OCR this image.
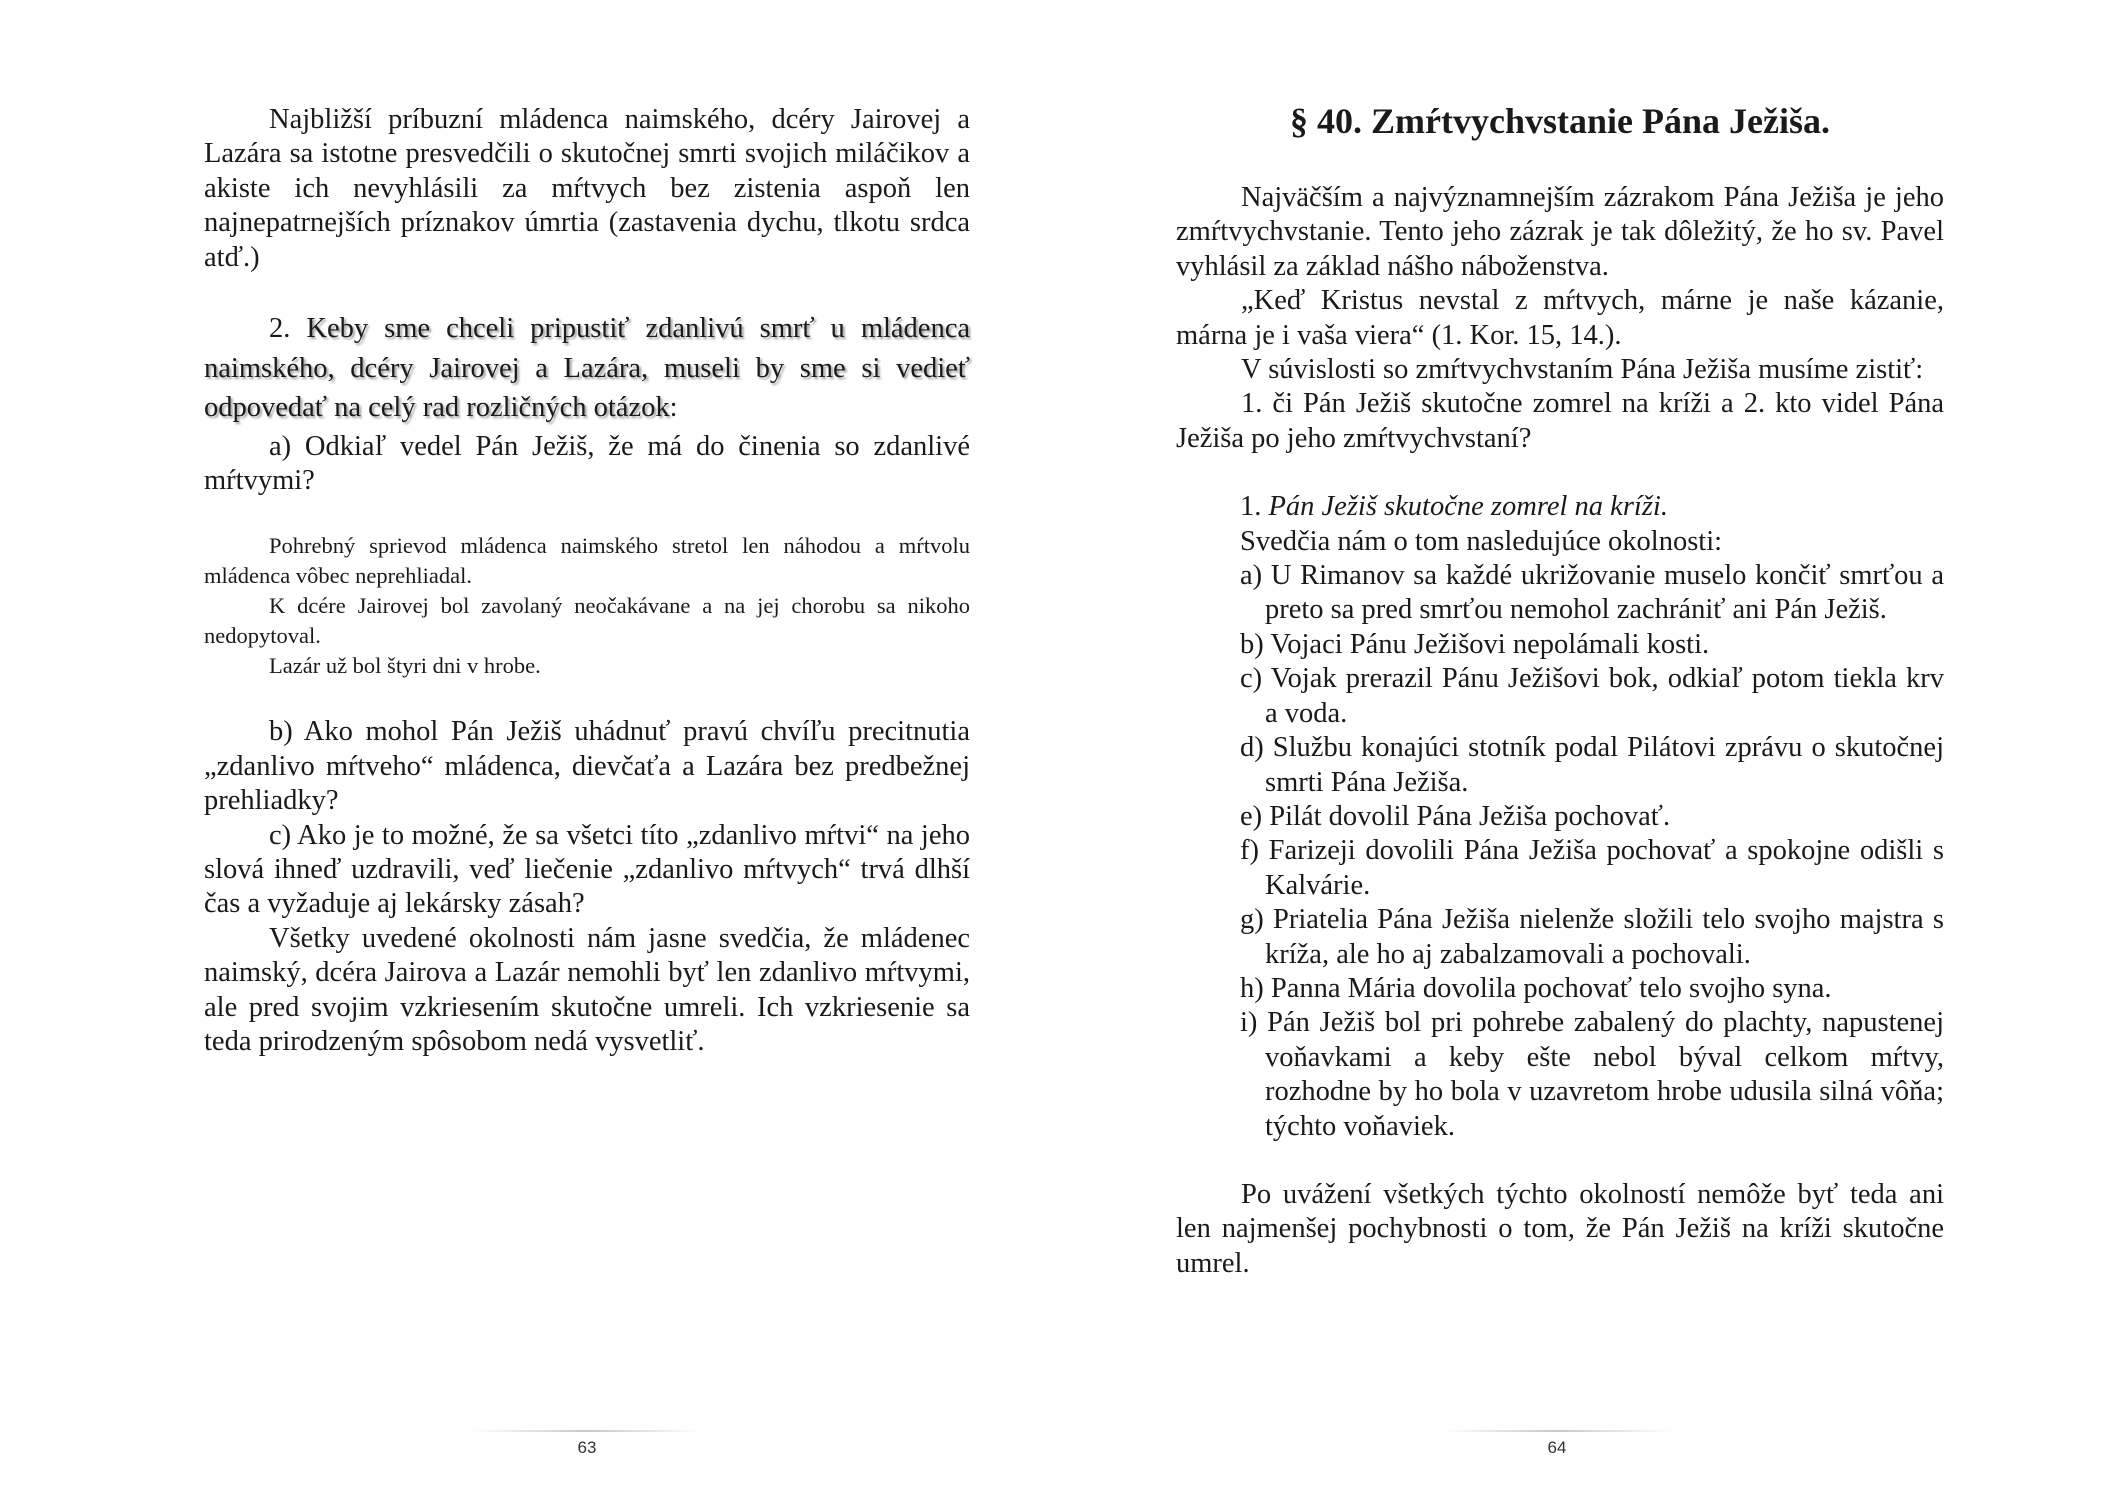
Najbližší príbuzní mládenca naimského, dcéry Jairovej a Lazára sa istotne presvedčili o skutočnej smrti svojich miláčikov a akiste ich nevyhlásili za mŕtvych bez zistenia aspoň len najnepatrnejších príznakov úmrtia (zastavenia dychu, tlkotu srdca atď.)

2. Keby sme chceli pripustiť zdanlivú smrť u mládenca naimského, dcéry Jairovej a Lazára, museli by sme si vedieť odpovedať na celý rad rozličných otázok:

a) Odkiaľ vedel Pán Ježiš, že má do činenia so zdanlivé mŕtvymi?

Pohrebný sprievod mládenca naimského stretol len náhodou a mŕtvolu mládenca vôbec neprehliadal.

K dcére Jairovej bol zavolaný neočakávane a na jej chorobu sa nikoho nedopytoval.

Lazár už bol štyri dni v hrobe.

b) Ako mohol Pán Ježiš uhádnuť pravú chvíľu precitnutia „zdanlivo mŕtveho“ mládenca, dievčaťa a Lazára bez predbežnej prehliadky?

c) Ako je to možné, že sa všetci títo „zdanlivo mŕtvi“ na jeho slová ihneď uzdravili, veď liečenie „zdanlivo mŕtvych“ trvá dlhší čas a vyžaduje aj lekársky zásah?

Všetky uvedené okolnosti nám jasne svedčia, že mládenec naimský, dcéra Jairova a Lazár nemohli byť len zdanlivo mŕtvymi, ale pred svojim vzkriesením skutočne umreli. Ich vzkriesenie sa teda prirodzeným spôsobom nedá vysvetliť.

63

§ 40. Zmŕtvychvstanie Pána Ježiša.

Najväčším a najvýznamnejším zázrakom Pána Ježiša je jeho zmŕtvychvstanie. Tento jeho zázrak je tak dôležitý, že ho sv. Pavel vyhlásil za základ nášho náboženstva.

„Keď Kristus nevstal z mŕtvych, márne je naše kázanie, márna je i vaša viera“ (1. Kor. 15, 14.).

V súvislosti so zmŕtvychvstaním Pána Ježiša musíme zistiť:

1. či Pán Ježiš skutočne zomrel na kríži a 2. kto videl Pána Ježiša po jeho zmŕtvychvstaní?

1. Pán Ježiš skutočne zomrel na kríži.

Svedčia nám o tom nasledujúce okolnosti:

a) U Rimanov sa každé ukrižovanie muselo končiť smrťou a preto sa pred smrťou nemohol zachrániť ani Pán Ježiš.

b) Vojaci Pánu Ježišovi nepolámali kosti.

c) Vojak prerazil Pánu Ježišovi bok, odkiaľ potom tiekla krv a voda.

d) Službu konajúci stotník podal Pilátovi zprávu o skutočnej smrti Pána Ježiša.

e) Pilát dovolil Pána Ježiša pochovať.

f) Farizeji dovolili Pána Ježiša pochovať a spokojne odišli s Kalvárie.

g) Priatelia Pána Ježiša nielenže složili telo svojho majstra s kríža, ale ho aj zabalzamovali a pochovali.

h) Panna Mária dovolila pochovať telo svojho syna.

i) Pán Ježiš bol pri pohrebe zabalený do plachty, napustenej voňavkami a keby ešte nebol býval celkom mŕtvy, rozhodne by ho bola v uzavretom hrobe udusila silná vôňa; týchto voňaviek.

Po uvážení všetkých týchto okolností nemôže byť teda ani len najmenšej pochybnosti o tom, že Pán Ježiš na kríži skutočne umrel.

64
